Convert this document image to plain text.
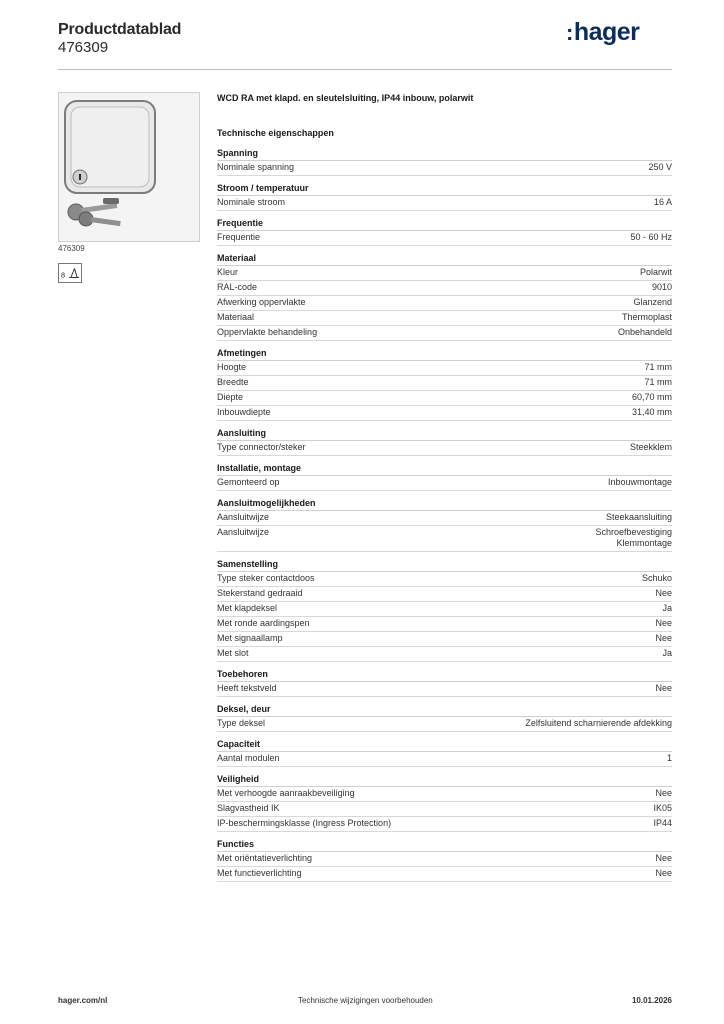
Productdatablad
476309
:hager
476309
8
WCD RA met klapd. en sleutelsluiting, IP44 inbouw, polarwit
Technische eigenschappen
Spanning
Nominale spanning	250 V
Stroom / temperatuur
Nominale stroom	16 A
Frequentie
Frequentie	50 - 60 Hz
Materiaal
Kleur	Polarwit
RAL-code	9010
Afwerking oppervlakte	Glanzend
Materiaal	Thermoplast
Oppervlakte behandeling	Onbehandeld
Afmetingen
Hoogte	71 mm
Breedte	71 mm
Diepte	60,70 mm
Inbouwdiepte	31,40 mm
Aansluiting
Type connector/steker	Steekklem
Installatie, montage
Gemonteerd op	Inbouwmontage
Aansluitmogelijkheden
Aansluitwijze	Steekaansluiting
Aansluitwijze	Schroefbevestiging
Klemmontage
Samenstelling
Type steker contactdoos	Schuko
Stekerstand gedraaid	Nee
Met klapdeksel	Ja
Met ronde aardingspen	Nee
Met signaallamp	Nee
Met slot	Ja
Toebehoren
Heeft tekstveld	Nee
Deksel, deur
Type deksel	Zelfsluitend scharnierende afdekking
Capaciteit
Aantal modulen	1
Veiligheid
Met verhoogde aanraakbeveiliging	Nee
Slagvastheid IK	IK05
IP-beschermingsklasse (Ingress Protection)	IP44
Functies
Met oriëntatieverlichting	Nee
Met functieverlichting	Nee
hager.com/nl	Technische wijzigingen voorbehouden	10.01.2026
